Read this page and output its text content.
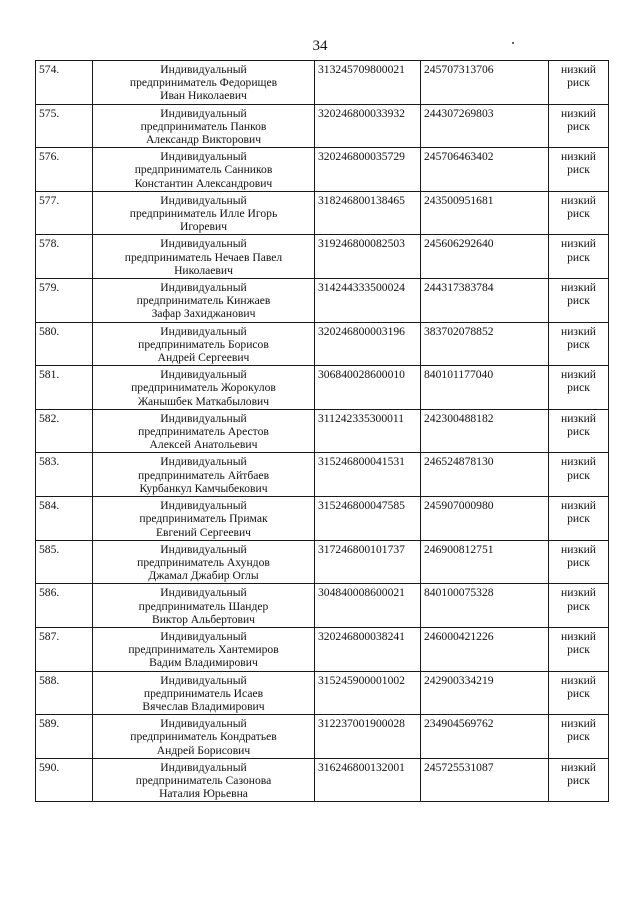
34
574.	Индивидуальный
предприниматель Федорищев
Иван Николаевич	313245709800021	245707313706	низкий риск
575.	Индивидуальный
предприниматель Панков
Александр Викторович	320246800033932	244307269803	низкий риск
576.	Индивидуальный
предприниматель Санников
Константин Александрович	320246800035729	245706463402	низкий риск
577.	Индивидуальный
предприниматель Илле Игорь
Игоревич	318246800138465	243500951681	низкий риск
578.	Индивидуальный
предприниматель Нечаев Павел
Николаевич	319246800082503	245606292640	низкий риск
579.	Индивидуальный
предприниматель Кинжаев
Зафар Захиджанович	314244333500024	244317383784	низкий риск
580.	Индивидуальный
предприниматель Борисов
Андрей Сергеевич	320246800003196	383702078852	низкий риск
581.	Индивидуальный
предприниматель Жорокулов
Жанышбек Маткабылович	306840028600010	840101177040	низкий риск
582.	Индивидуальный
предприниматель Арестов
Алексей Анатольевич	311242335300011	242300488182	низкий риск
583.	Индивидуальный
предприниматель Айтбаев
Курбанкул Камчыбекович	315246800041531	246524878130	низкий риск
584.	Индивидуальный
предприниматель Примак
Евгений Сергеевич	315246800047585	245907000980	низкий риск
585.	Индивидуальный
предприниматель Ахундов
Джамал Джабир Оглы	317246800101737	246900812751	низкий риск
586.	Индивидуальный
предприниматель Шандер
Виктор Альбертович	304840008600021	840100075328	низкий риск
587.	Индивидуальный
предприниматель Хантемиров
Вадим Владимирович	320246800038241	246000421226	низкий риск
588.	Индивидуальный
предприниматель Исаев
Вячеслав Владимирович	315245900001002	242900334219	низкий риск
589.	Индивидуальный
предприниматель Кондратьев
Андрей Борисович	312237001900028	234904569762	низкий риск
590.	Индивидуальный
предприниматель Сазонова
Наталия Юрьевна	316246800132001	245725531087	низкий риск
